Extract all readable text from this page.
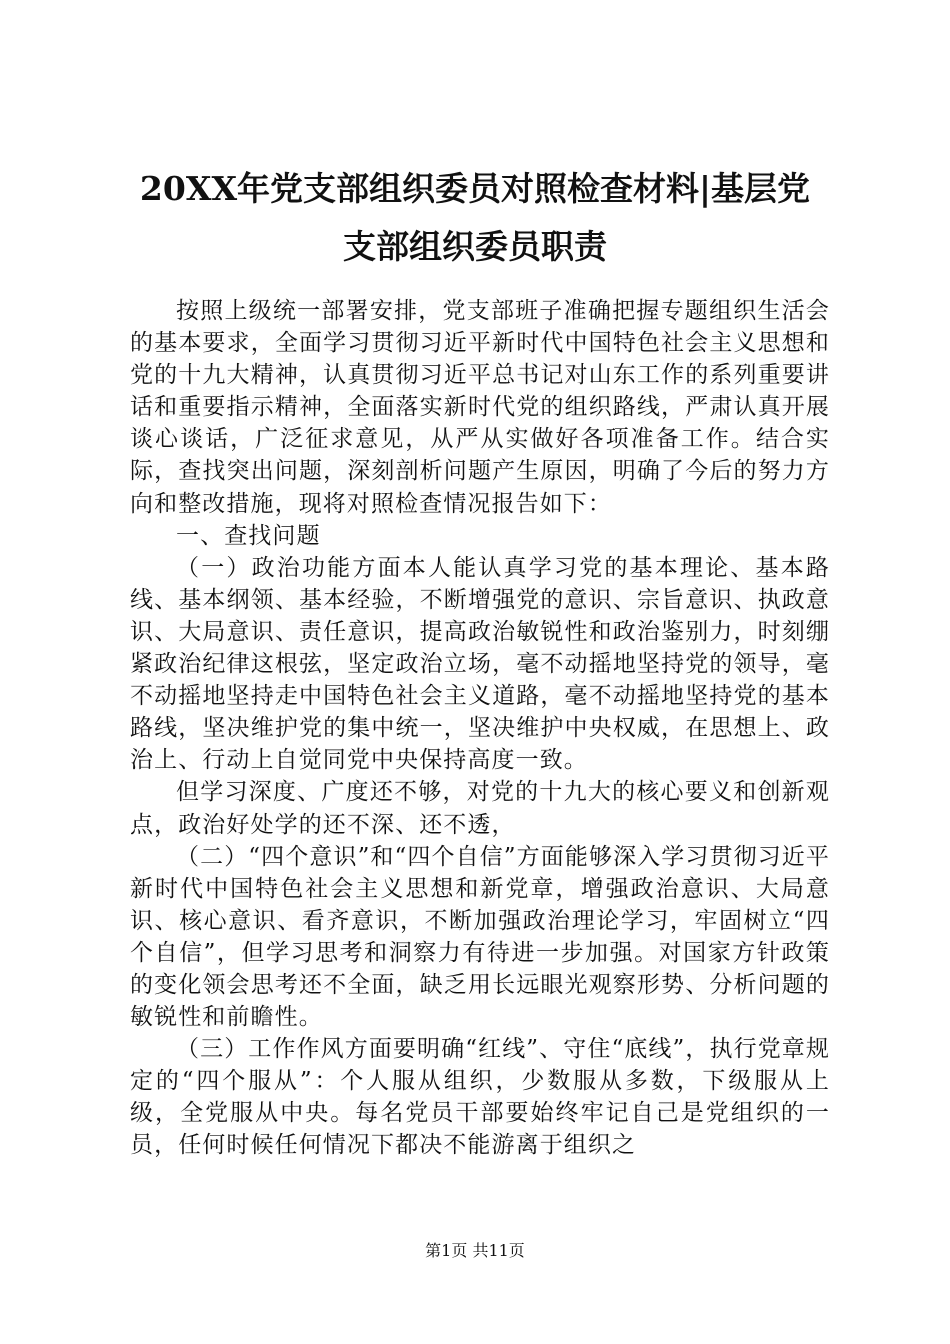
20XX年党支部组织委员对照检查材料|基层党
支部组织委员职责

按照上级统一部署安排，党支部班子准确把握专题组织生活会的基本要求，全面学习贯彻习近平新时代中国特色社会主义思想和党的十九大精神，认真贯彻习近平总书记对山东工作的系列重要讲话和重要指示精神，全面落实新时代党的组织路线，严肃认真开展谈心谈话，广泛征求意见，从严从实做好各项准备工作。结合实际，查找突出问题，深刻剖析问题产生原因，明确了今后的努力方向和整改措施，现将对照检查情况报告如下：

一、查找问题

（一）政治功能方面本人能认真学习党的基本理论、基本路线、基本纲领、基本经验，不断增强党的意识、宗旨意识、执政意识、大局意识、责任意识，提高政治敏锐性和政治鉴别力，时刻绷紧政治纪律这根弦，坚定政治立场，毫不动摇地坚持党的领导，毫不动摇地坚持走中国特色社会主义道路，毫不动摇地坚持党的基本路线，坚决维护党的集中统一，坚决维护中央权威，在思想上、政治上、行动上自觉同党中央保持高度一致。

但学习深度、广度还不够，对党的十九大的核心要义和创新观点，政治好处学的还不深、还不透，

（二）“四个意识”和“四个自信”方面能够深入学习贯彻习近平新时代中国特色社会主义思想和新党章，增强政治意识、大局意识、核心意识、看齐意识，不断加强政治理论学习，牢固树立“四个自信”，但学习思考和洞察力有待进一步加强。对国家方针政策的变化领会思考还不全面，缺乏用长远眼光观察形势、分析问题的敏锐性和前瞻性。

（三）工作作风方面要明确“红线”、守住“底线”，执行党章规定的“四个服从”：个人服从组织，少数服从多数，下级服从上级，全党服从中央。每名党员干部要始终牢记自己是党组织的一员，任何时候任何情况下都决不能游离于组织之

第1页 共11页
